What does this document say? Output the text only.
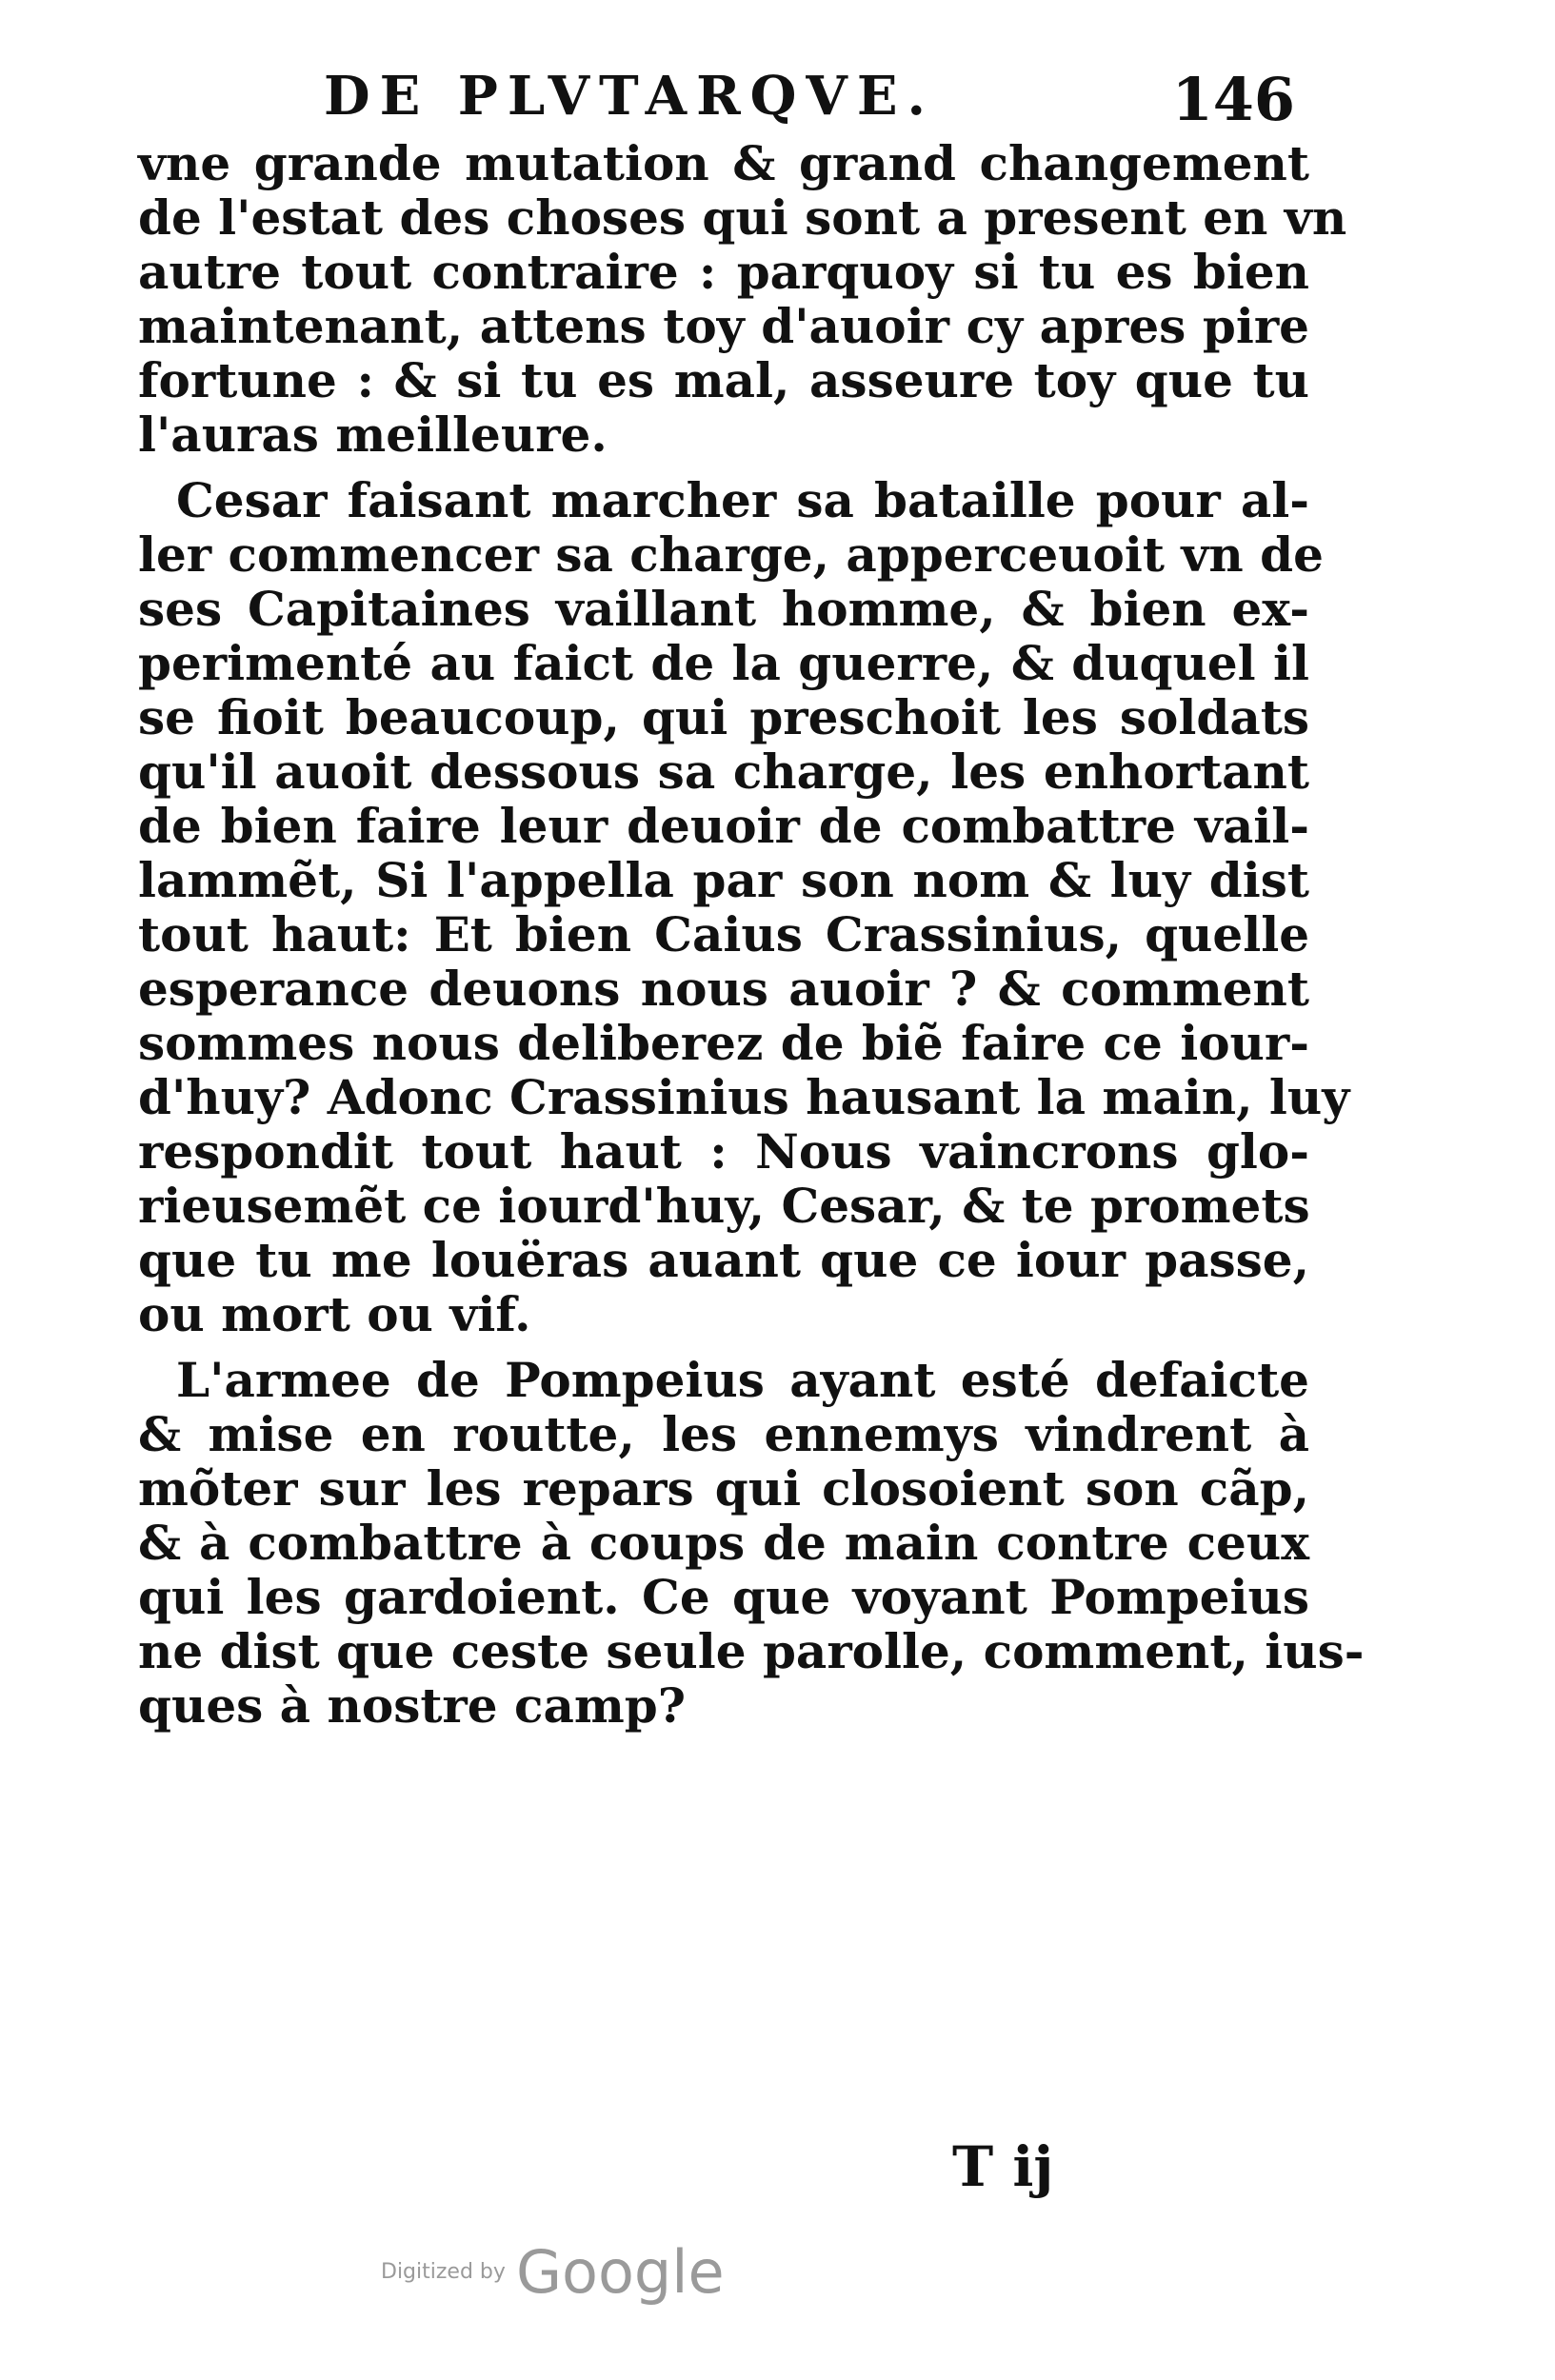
DE PLVTARQVE.	146
vne grande mutation & grand changement
de l'estat des choses qui sont a present en vn
autre tout contraire : parquoy si tu es bien
maintenant, attens toy d'auoir cy apres pire
fortune : & si tu es mal, asseure toy que tu
l'auras meilleure.
Cesar faisant marcher sa bataille pour al-
ler commencer sa charge, apperceuoit vn de
ses Capitaines vaillant homme, & bien ex-
perimenté au faict de la guerre, & duquel il
se fioit beaucoup, qui preschoit les soldats
qu'il auoit dessous sa charge, les enhortant
de bien faire leur deuoir de combattre vail-
lammẽt, Si l'appella par son nom & luy dist
tout haut: Et bien Caius Crassinius, quelle
esperance deuons nous auoir ? & comment
sommes nous deliberez de biẽ faire ce iour-
d'huy? Adonc Crassinius hausant la main, luy
respondit tout haut : Nous vaincrons glo-
rieusemẽt ce iourd'huy, Cesar, & te promets
que tu me louëras auant que ce iour passe,
ou mort ou vif.
L'armee de Pompeius ayant esté defaicte
& mise en routte, les ennemys vindrent à
mõter sur les repars qui closoient son cãp,
& à combattre à coups de main contre ceux
qui les gardoient. Ce que voyant Pompeius
ne dist que ceste seule parolle, comment, ius-
ques à nostre camp?
T ij
Digitized by Google
